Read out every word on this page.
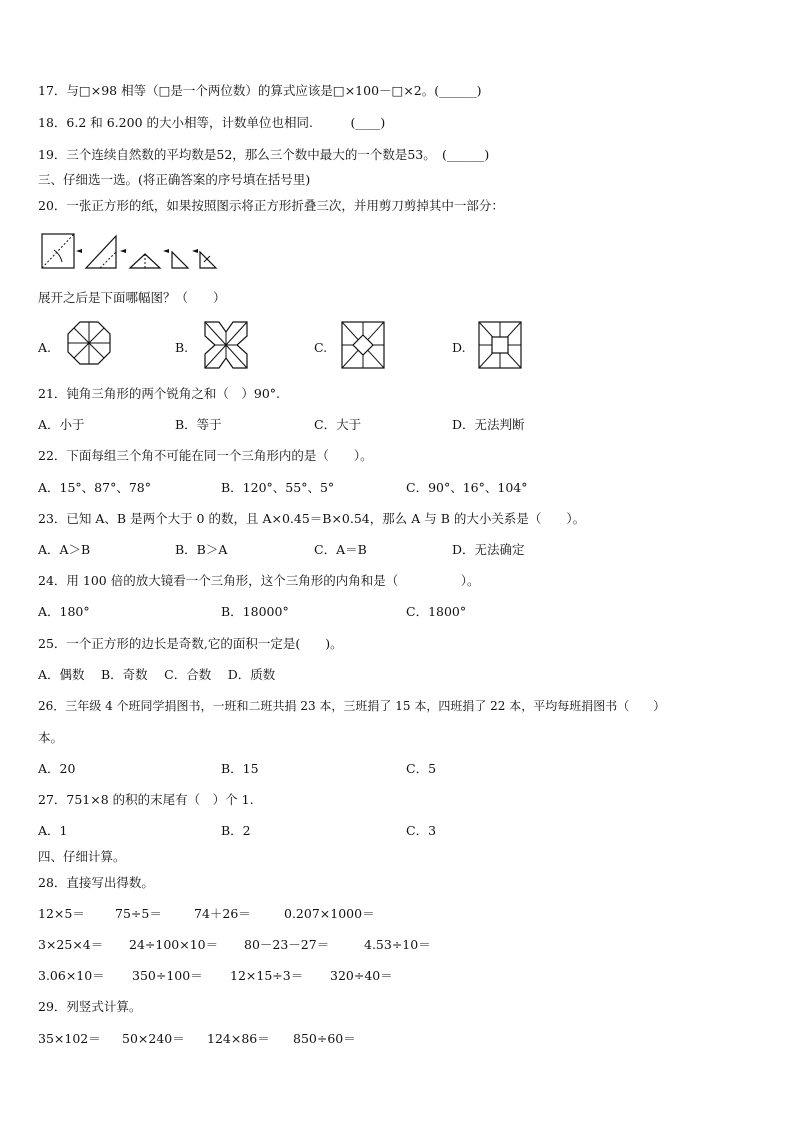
17．与□×98 相等（□是一个两位数）的算式应该是□×100－□×2。(______)
18．6.2 和 6.200 的大小相等，计数单位也相同.　　　(____)
19．三个连续自然数的平均数是52，那么三个数中最大的一个数是53。　(______)
三、仔细选一选。(将正确答案的序号填在括号里)
20．一张正方形的纸，如果按照图示将正方形折叠三次，并用剪刀剪掉其中一部分：
展开之后是下面哪幅图？（　　）
A.	B.	C.	D.
21．钝角三角形的两个锐角之和（　）90°.
A．小于	B．等于	C．大于	D．无法判断
22．下面每组三个角不可能在同一个三角形内的是（　　）。
A．15°、87°、78°	B．120°、55°、5°	C．90°、16°、104°
23．已知 A、B 是两个大于 0 的数，且 A×0.45＝B×0.54，那么 A 与 B 的大小关系是（　　）。
A．A＞B	B．B＞A	C．A＝B	D．无法确定
24．用 100 倍的放大镜看一个三角形，这个三角形的内角和是（　　　　　）。
A．180°	B．18000°	C．1800°
25．一个正方形的边长是奇数,它的面积一定是(　　)。
A．偶数　 B．奇数　 C．合数　 D．质数
26．三年级 4 个班同学捐图书，一班和二班共捐 23 本，三班捐了 15 本，四班捐了 22 本，平均每班捐图书（　　）
本。
A．20	B．15	C．5
27．751×8 的积的末尾有（　）个 1.
A．1	B．2	C．3
四、仔细计算。
28．直接写出得数。
12×5＝ 75÷5＝	74＋26＝	0.207×1000＝
3×25×4＝ 24÷100×10＝ 80－23－27＝	4.53÷10＝
3.06×10＝ 350÷100＝ 12×15÷3＝ 320÷40＝
29．列竖式计算。
35×102＝ 50×240＝ 124×86＝ 850÷60＝
